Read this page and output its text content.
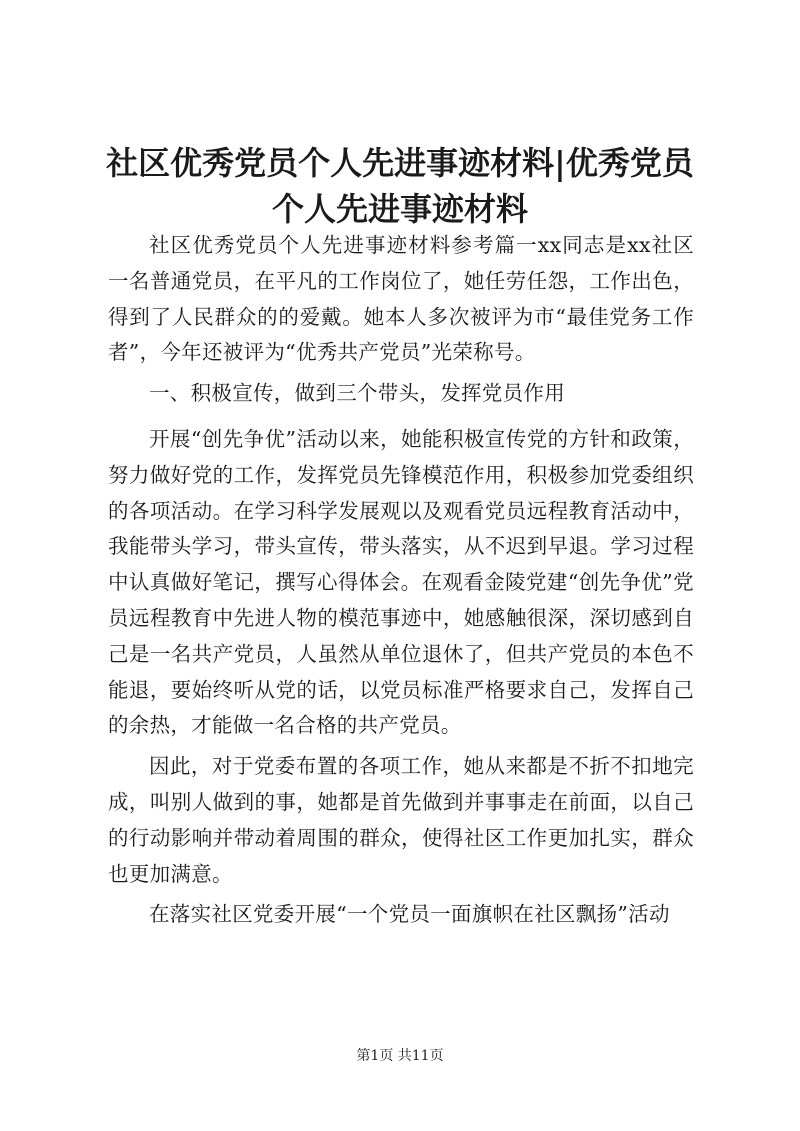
社区优秀党员个人先进事迹材料|优秀党员个人先进事迹材料

社区优秀党员个人先进事迹材料参考篇一xx同志是xx社区一名普通党员，在平凡的工作岗位了，她任劳任怨，工作出色，得到了人民群众的的爱戴。她本人多次被评为市“最佳党务工作者”，今年还被评为“优秀共产党员”光荣称号。

一、积极宣传，做到三个带头，发挥党员作用

开展“创先争优”活动以来，她能积极宣传党的方针和政策，努力做好党的工作，发挥党员先锋模范作用，积极参加党委组织的各项活动。在学习科学发展观以及观看党员远程教育活动中，我能带头学习，带头宣传，带头落实，从不迟到早退。学习过程中认真做好笔记，撰写心得体会。在观看金陵党建“创先争优”党员远程教育中先进人物的模范事迹中，她感触很深，深切感到自己是一名共产党员，人虽然从单位退休了，但共产党员的本色不能退，要始终听从党的话，以党员标准严格要求自己，发挥自己的余热，才能做一名合格的共产党员。

因此，对于党委布置的各项工作，她从来都是不折不扣地完成，叫别人做到的事，她都是首先做到并事事走在前面，以自己的行动影响并带动着周围的群众，使得社区工作更加扎实，群众也更加满意。

在落实社区党委开展“一个党员一面旗帜在社区飘扬”活动

第1页 共11页
